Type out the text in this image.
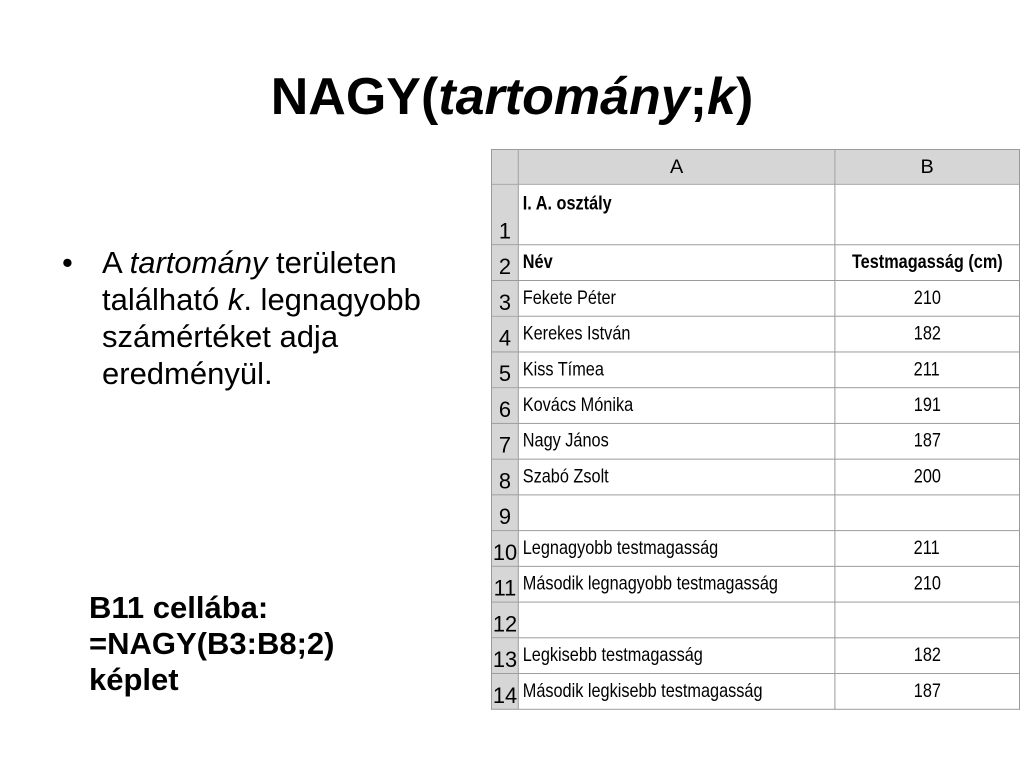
NAGY(tartomány;k)
• A tartomány területen található k. legnagyobb számértéket adja eredményül.
B11 cellába:
=NAGY(B3:B8;2)
képlet
	A	B
1	I. A. osztály	
2	Név	Testmagasság (cm)
3	Fekete Péter	210
4	Kerekes István	182
5	Kiss Tímea	211
6	Kovács Mónika	191
7	Nagy János	187
8	Szabó Zsolt	200
9		
10	Legnagyobb testmagasság	211
11	Második legnagyobb testmagasság	210
12		
13	Legkisebb testmagasság	182
14	Második legkisebb testmagasság	187
